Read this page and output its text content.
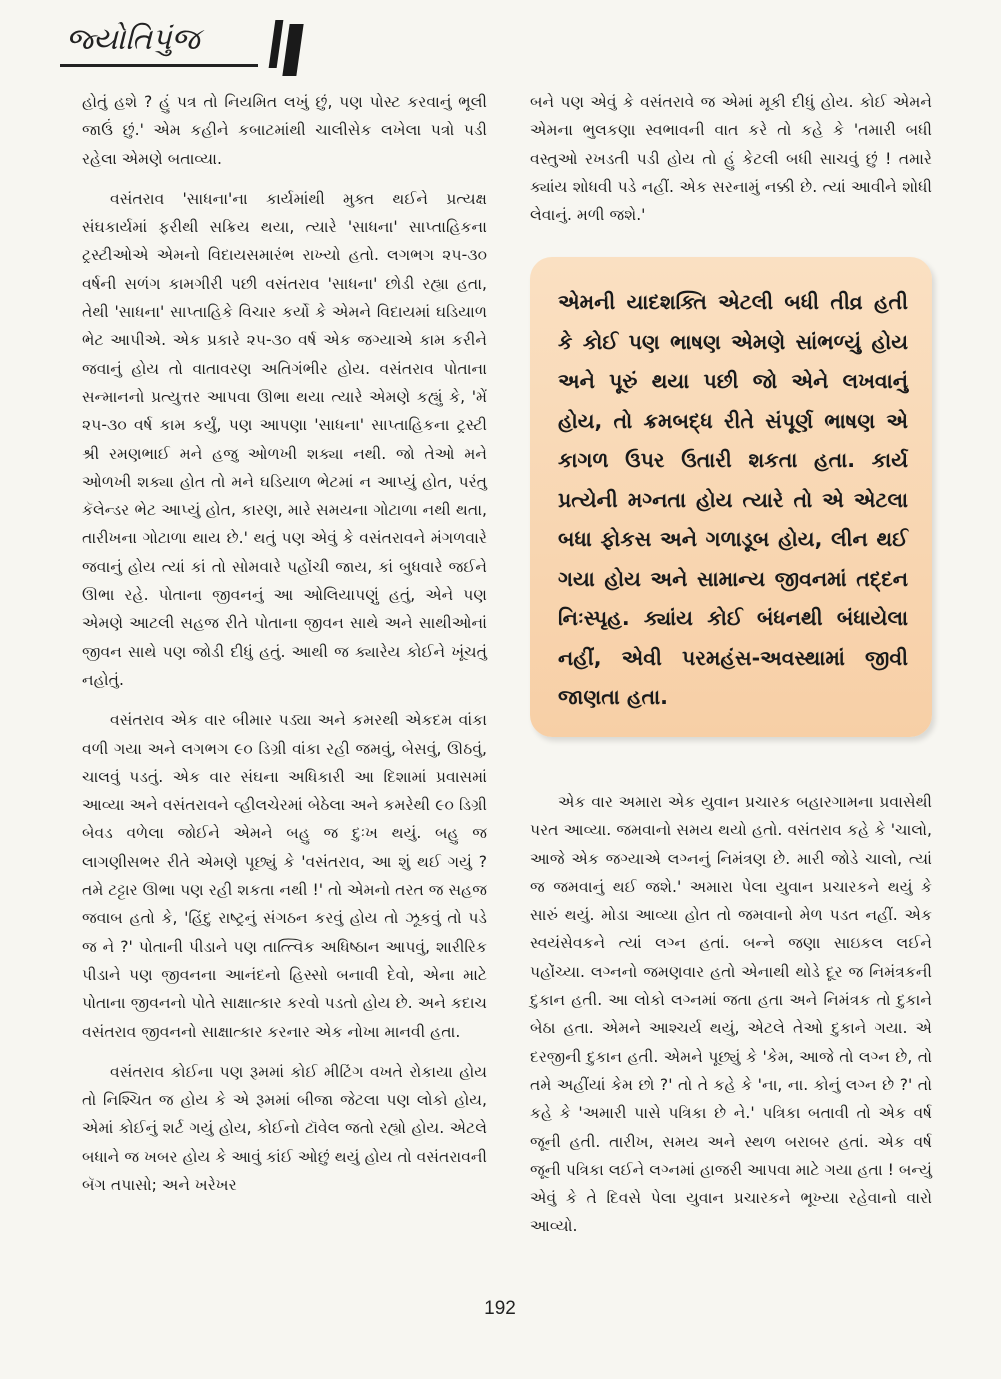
જ્યોતિપુંજ

હોતું હશે ? હું પત્ર તો નિયમિત લખું છું, પણ પોસ્ટ કરવાનું ભૂલી જાઉં છું.' એમ કહીને કબાટમાંથી ચાલીસેક લખેલા પત્રો પડી રહેલા એમણે બતાવ્યા.

વસંતરાવ 'સાધના'ના કાર્યમાંથી મુક્ત થઈને પ્રત્યક્ષ સંઘકાર્યમાં ફરીથી સક્રિય થયા, ત્યારે 'સાધના' સાપ્તાહિકના ટ્રસ્ટીઓએ એમનો વિદાયસમારંભ રાખ્યો હતો. લગભગ ૨૫-૩૦ વર્ષની સળંગ કામગીરી પછી વસંતરાવ 'સાધના' છોડી રહ્યા હતા, તેથી 'સાધના' સાપ્તાહિકે વિચાર કર્યો કે એમને વિદાયમાં ઘડિયાળ ભેટ આપીએ. એક પ્રકારે ૨૫-૩૦ વર્ષ એક જગ્યાએ કામ કરીને જવાનું હોય તો વાતાવરણ અતિગંભીર હોય. વસંતરાવ પોતાના સન્માનનો પ્રત્યુત્તર આપવા ઊભા થયા ત્યારે એમણે કહ્યું કે, 'મેં ૨૫-૩૦ વર્ષ કામ કર્યું, પણ આપણા 'સાધના' સાપ્તાહિકના ટ્રસ્ટી શ્રી રમણભાઈ મને હજુ ઓળખી શક્યા નથી. જો તેઓ મને ઓળખી શક્યા હોત તો મને ઘડિયાળ ભેટમાં ન આપ્યું હોત, પરંતુ કૅલેન્ડર ભેટ આપ્યું હોત, કારણ, મારે સમયના ગોટાળા નથી થતા, તારીખના ગોટાળા થાય છે.' થતું પણ એવું કે વસંતરાવને મંગળવારે જવાનું હોય ત્યાં કાં તો સોમવારે પહોંચી જાય, કાં બુધવારે જઈને ઊભા રહે. પોતાના જીવનનું આ ઓલિયાપણું હતું, એને પણ એમણે આટલી સહજ રીતે પોતાના જીવન સાથે અને સાથીઓનાં જીવન સાથે પણ જોડી દીધું હતું. આથી જ ક્યારેય કોઈને ખૂંચતું નહોતું.

વસંતરાવ એક વાર બીમાર પડ્યા અને કમરથી એકદમ વાંકા વળી ગયા અને લગભગ ૯૦ ડિગ્રી વાંકા રહી જમવું, બેસવું, ઊઠવું, ચાલવું પડતું. એક વાર સંઘના અધિકારી આ દિશામાં પ્રવાસમાં આવ્યા અને વસંતરાવને વ્હીલચેરમાં બેઠેલા અને કમરેથી ૯૦ ડિગ્રી બેવડ વળેલા જોઈને એમને બહુ જ દુઃખ થયું. બહુ જ લાગણીસભર રીતે એમણે પૂછ્યું કે 'વસંતરાવ, આ શું થઈ ગયું ? તમે ટટ્ટાર ઊભા પણ રહી શકતા નથી !' તો એમનો તરત જ સહજ જવાબ હતો કે, 'હિંદુ રાષ્ટ્રનું સંગઠન કરવું હોય તો ઝૂકવું તો પડે જ ને ?' પોતાની પીડાને પણ તાત્ત્વિક અધિષ્ઠાન આપવું, શારીરિક પીડાને પણ જીવનના આનંદનો હિસ્સો બનાવી દેવો, એના માટે પોતાના જીવનનો પોતે સાક્ષાત્કાર કરવો પડતો હોય છે. અને કદાચ વસંતરાવ જીવનનો સાક્ષાત્કાર કરનાર એક નોખા માનવી હતા.

વસંતરાવ કોઈના પણ રૂમમાં કોઈ મીટિંગ વખતે રોકાયા હોય તો નિશ્ચિત જ હોય કે એ રૂમમાં બીજા જેટલા પણ લોકો હોય, એમાં કોઈનું શર્ટ ગયું હોય, કોઈનો ટૉવેલ જતો રહ્યો હોય. એટલે બધાને જ ખબર હોય કે આવું કાંઈ ઓછું થયું હોય તો વસંતરાવની બૅગ તપાસો; અને ખરેખર

બને પણ એવું કે વસંતરાવે જ એમાં મૂકી દીધું હોય. કોઈ એમને એમના ભુલકણા સ્વભાવની વાત કરે તો કહે કે 'તમારી બધી વસ્તુઓ રખડતી પડી હોય તો હું કેટલી બધી સાચવું છું ! તમારે ક્યાંય શોધવી પડે નહીં. એક સરનામું નક્કી છે. ત્યાં આવીને શોધી લેવાનું. મળી જશે.'

એમની યાદશક્તિ એટલી બધી તીવ્ર હતી કે કોઈ પણ ભાષણ એમણે સાંભળ્યું હોય અને પૂરું થયા પછી જો એને લખવાનું હોય, તો ક્રમબદ્ધ રીતે સંપૂર્ણ ભાષણ એ કાગળ ઉપર ઉતારી શકતા હતા. કાર્ય પ્રત્યેની મગ્નતા હોય ત્યારે તો એ એટલા બધા ફોકસ અને ગળાડૂબ હોય, લીન થઈ ગયા હોય અને સામાન્ય જીવનમાં તદ્દન નિઃસ્પૃહ. ક્યાંય કોઈ બંધનથી બંધાયેલા નહીં, એવી પરમહંસ-અવસ્થામાં જીવી જાણતા હતા.

એક વાર અમારા એક યુવાન પ્રચારક બહારગામના પ્રવાસેથી પરત આવ્યા. જમવાનો સમય થયો હતો. વસંતરાવ કહે કે 'ચાલો, આજે એક જગ્યાએ લગ્નનું નિમંત્રણ છે. મારી જોડે ચાલો, ત્યાં જ જમવાનું થઈ જશે.' અમારા પેલા યુવાન પ્રચારકને થયું કે સારું થયું. મોડા આવ્યા હોત તો જમવાનો મેળ પડત નહીં. એક સ્વયંસેવકને ત્યાં લગ્ન હતાં. બન્ને જણા સાઇકલ લઈને પહોંચ્યા. લગ્નનો જમણવાર હતો એનાથી થોડે દૂર જ નિમંત્રકની દુકાન હતી. આ લોકો લગ્નમાં જતા હતા અને નિમંત્રક તો દુકાને બેઠા હતા. એમને આશ્ચર્ય થયું, એટલે તેઓ દુકાને ગયા. એ દરજીની દુકાન હતી. એમને પૂછ્યું કે 'કેમ, આજે તો લગ્ન છે, તો તમે અહીંયાં કેમ છો ?' તો તે કહે કે 'ના, ના. કોનું લગ્ન છે ?' તો કહે કે 'અમારી પાસે પત્રિકા છે ને.' પત્રિકા બતાવી તો એક વર્ષ જૂની હતી. તારીખ, સમય અને સ્થળ બરાબર હતાં. એક વર્ષ જૂની પત્રિકા લઈને લગ્નમાં હાજરી આપવા માટે ગયા હતા ! બન્યું એવું કે તે દિવસે પેલા યુવાન પ્રચારકને ભૂખ્યા રહેવાનો વારો આવ્યો.

192
